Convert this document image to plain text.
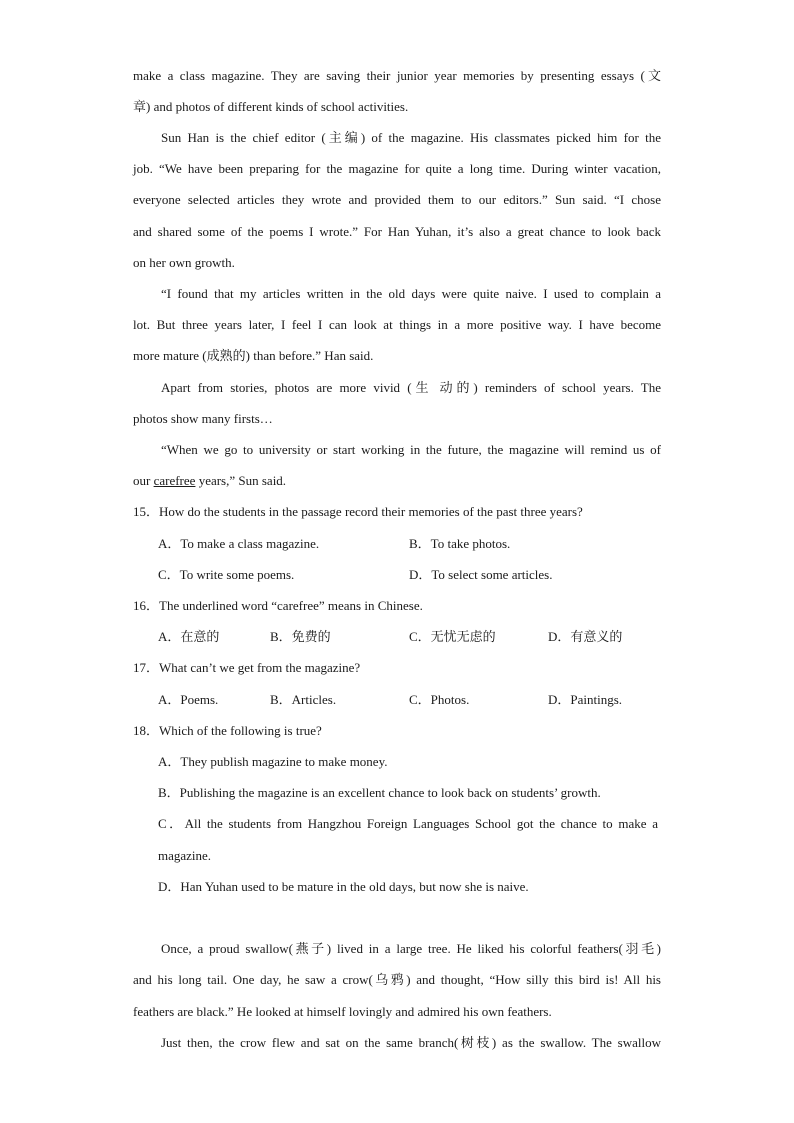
make a class magazine. They are saving their junior year memories by presenting essays (文
章) and photos of different kinds of school activities.
Sun Han is the chief editor (主编) of the magazine. His classmates picked him for the
job. “We have been preparing for the magazine for quite a long time. During winter vacation,
everyone selected articles they wrote and provided them to our editors.” Sun said. “I chose
and shared some of the poems I wrote.” For Han Yuhan, it’s also a great chance to look back
on her own growth.
“I found that my articles written in the old days were quite naive. I used to complain a
lot. But three years later, I feel I can look at things in a more positive way. I have become
more mature (成熟的) than before.” Han said.
Apart from stories, photos are more vivid (生 动的) reminders of school years. The
photos show many firsts…
“When we go to university or start working in the future, the magazine will remind us of
our carefree years,” Sun said.
15．How do the students in the passage record their memories of the past three years?
A．To make a class magazine.	B．To take photos.
C．To write some poems.	D．To select some articles.
16．The underlined word “carefree” means in Chinese.
A．在意的	B．免费的	C．无忧无虑的	D．有意义的
17．What can’t we get from the magazine?
A．Poems.	B．Articles.	C．Photos.	D．Paintings.
18．Which of the following is true?
A．They publish magazine to make money.
B．Publishing the magazine is an excellent chance to look back on students’ growth.
C．All the students from Hangzhou Foreign Languages School got the chance to make a
magazine.
D．Han Yuhan used to be mature in the old days, but now she is naive.
Once, a proud swallow(燕子) lived in a large tree. He liked his colorful feathers(羽毛)
and his long tail. One day, he saw a crow(乌鸦) and thought, “How silly this bird is! All his
feathers are black.” He looked at himself lovingly and admired his own feathers.
Just then, the crow flew and sat on the same branch(树枝) as the swallow. The swallow
